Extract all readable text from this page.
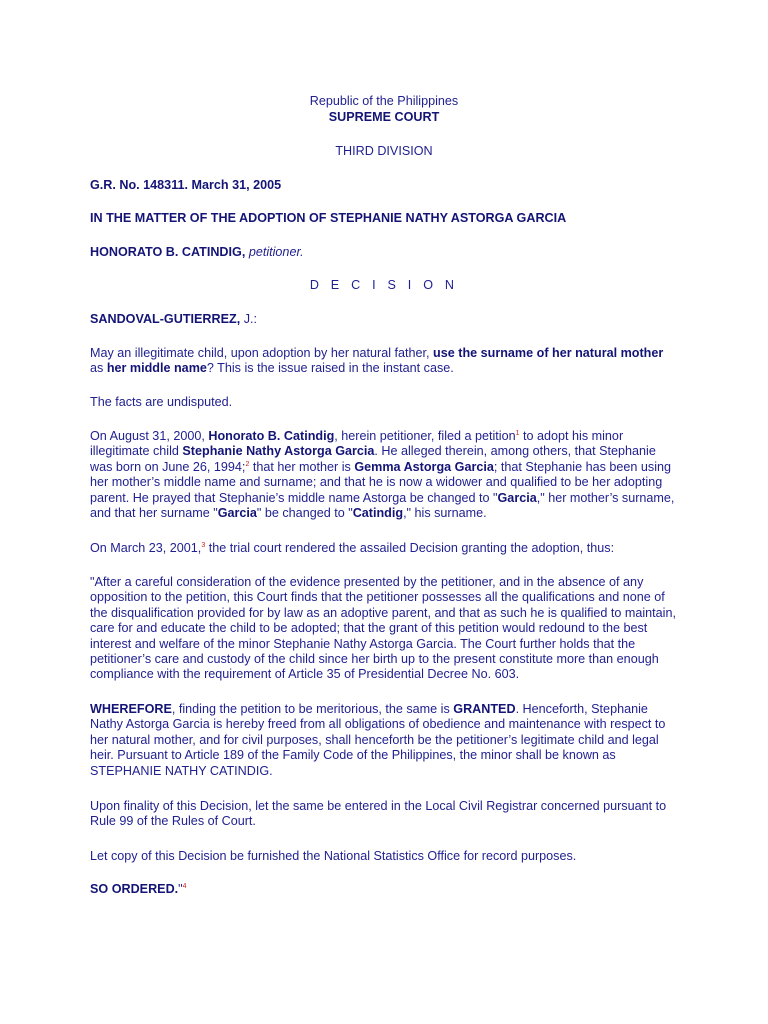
Republic of the Philippines
SUPREME COURT
THIRD DIVISION
G.R. No. 148311. March 31, 2005
IN THE MATTER OF THE ADOPTION OF STEPHANIE NATHY ASTORGA GARCIA
HONORATO B. CATINDIG, petitioner.
D E C I S I O N
SANDOVAL-GUTIERREZ, J.:

May an illegitimate child, upon adoption by her natural father, use the surname of her natural mother as her middle name? This is the issue raised in the instant case.

The facts are undisputed.

On August 31, 2000, Honorato B. Catindig, herein petitioner, filed a petition$^1$ to adopt his minor illegitimate child Stephanie Nathy Astorga Garcia. He alleged therein, among others, that Stephanie was born on June 26, 1994;$^2$ that her mother is Gemma Astorga Garcia; that Stephanie has been using her mother’s middle name and surname; and that he is now a widower and qualified to be her adopting parent. He prayed that Stephanie’s middle name Astorga be changed to "Garcia," her mother’s surname, and that her surname "Garcia" be changed to "Catindig," his surname.

On March 23, 2001,$^3$ the trial court rendered the assailed Decision granting the adoption, thus:

"After a careful consideration of the evidence presented by the petitioner, and in the absence of any opposition to the petition, this Court finds that the petitioner possesses all the qualifications and none of the disqualification provided for by law as an adoptive parent, and that as such he is qualified to maintain, care for and educate the child to be adopted; that the grant of this petition would redound to the best interest and welfare of the minor Stephanie Nathy Astorga Garcia. The Court further holds that the petitioner’s care and custody of the child since her birth up to the present constitute more than enough compliance with the requirement of Article 35 of Presidential Decree No. 603.

WHEREFORE, finding the petition to be meritorious, the same is GRANTED. Henceforth, Stephanie Nathy Astorga Garcia is hereby freed from all obligations of obedience and maintenance with respect to her natural mother, and for civil purposes, shall henceforth be the petitioner’s legitimate child and legal heir. Pursuant to Article 189 of the Family Code of the Philippines, the minor shall be known as STEPHANIE NATHY CATINDIG.

Upon finality of this Decision, let the same be entered in the Local Civil Registrar concerned pursuant to Rule 99 of the Rules of Court.

Let copy of this Decision be furnished the National Statistics Office for record purposes.

SO ORDERED."$^4$
